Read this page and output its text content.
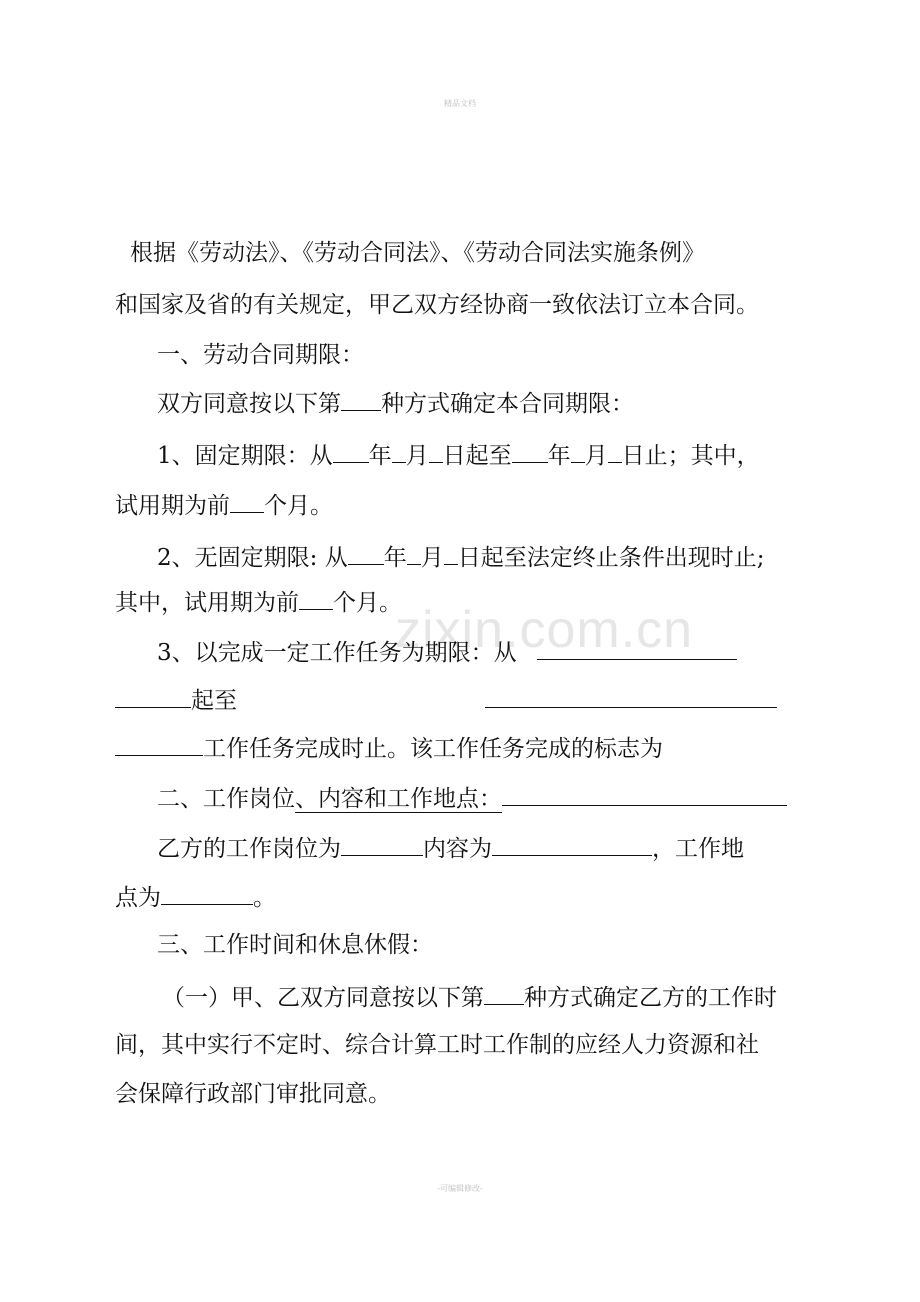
精品文档
zixin.com.cn
根据《劳动法》、《劳动合同法》、《劳动合同法实施条例》
和国家及省的有关规定，甲乙双方经协商一致依法订立本合同。
一、劳动合同期限：
双方同意按以下第 种方式确定本合同期限：
1、固定期限：从 年 月 日起至 年 月 日止；其中，
试用期为前 个月。
2、无固定期限: 从 年 月 日起至法定终止条件出现时止;
其中，试用期为前 个月。
3、以完成一定工作任务为期限：从
起至
工作任务完成时止。该工作任务完成的标志为
二、工作岗位、内容和工作地点：
乙方的工作岗位为	内容为	，工作地
点为	。
三、工作时间和休息休假：
（一）甲、乙双方同意按以下第 种方式确定乙方的工作时
间，其中实行不定时、综合计算工时工作制的应经人力资源和社
会保障行政部门审批同意。
-可编辑修改-
